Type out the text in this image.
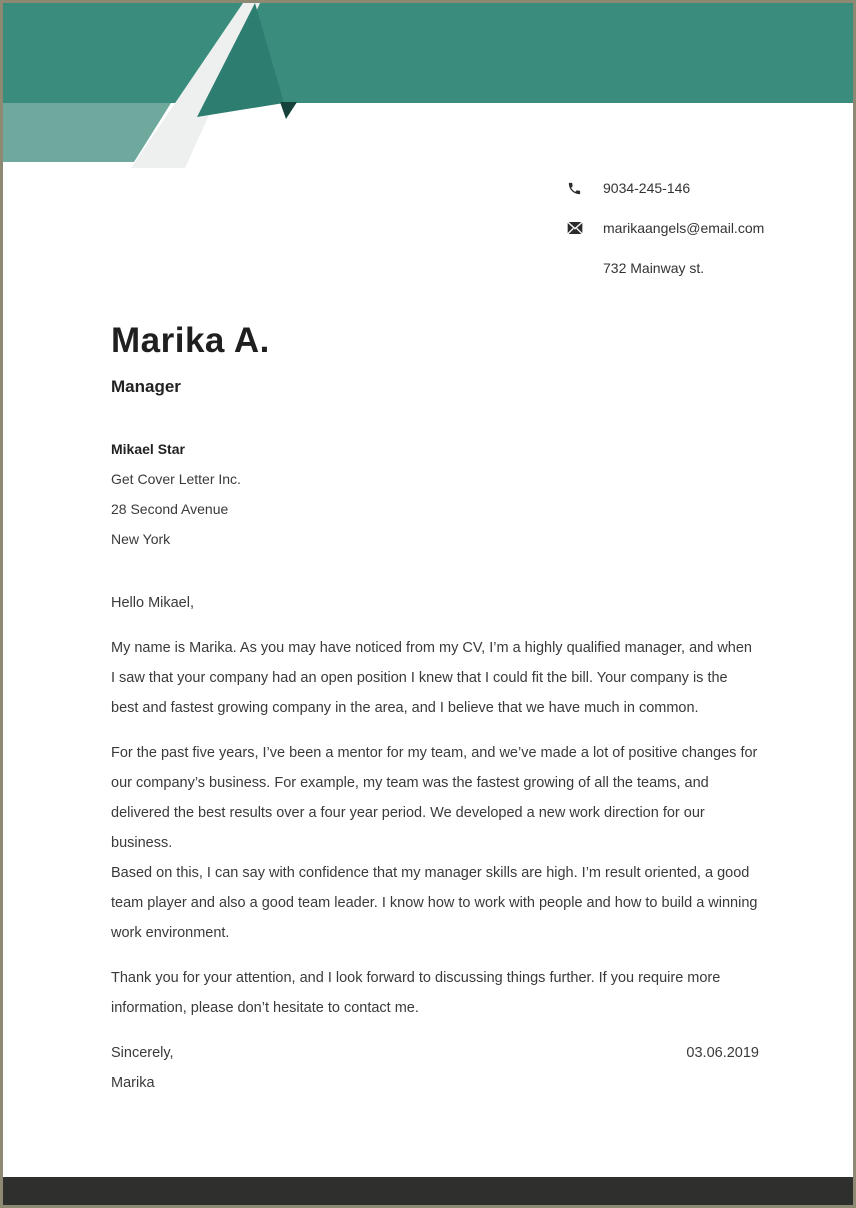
9034-245-146
marikaangels@email.com
732 Mainway st.
Marika A.
Manager
Mikael Star
Get Cover Letter Inc.
28 Second Avenue
New York

Hello Mikael,

My name is Marika. As you may have noticed from my CV, I’m a highly qualified manager, and when I saw that your company had an open position I knew that I could fit the bill. Your company is the best and fastest growing company in the area, and I believe that we have much in common.

For the past five years, I’ve been a mentor for my team, and we’ve made a lot of positive changes for our company’s business. For example, my team was the fastest growing of all the teams, and delivered the best results over a four year period. We developed a new work direction for our business.

Based on this, I can say with confidence that my manager skills are high. I’m result oriented, a good team player and also a good team leader. I know how to work with people and how to build a winning work environment.

Thank you for your attention, and I look forward to discussing things further. If you require more information, please don’t hesitate to contact me.

Sincerely,	03.06.2019

Marika
